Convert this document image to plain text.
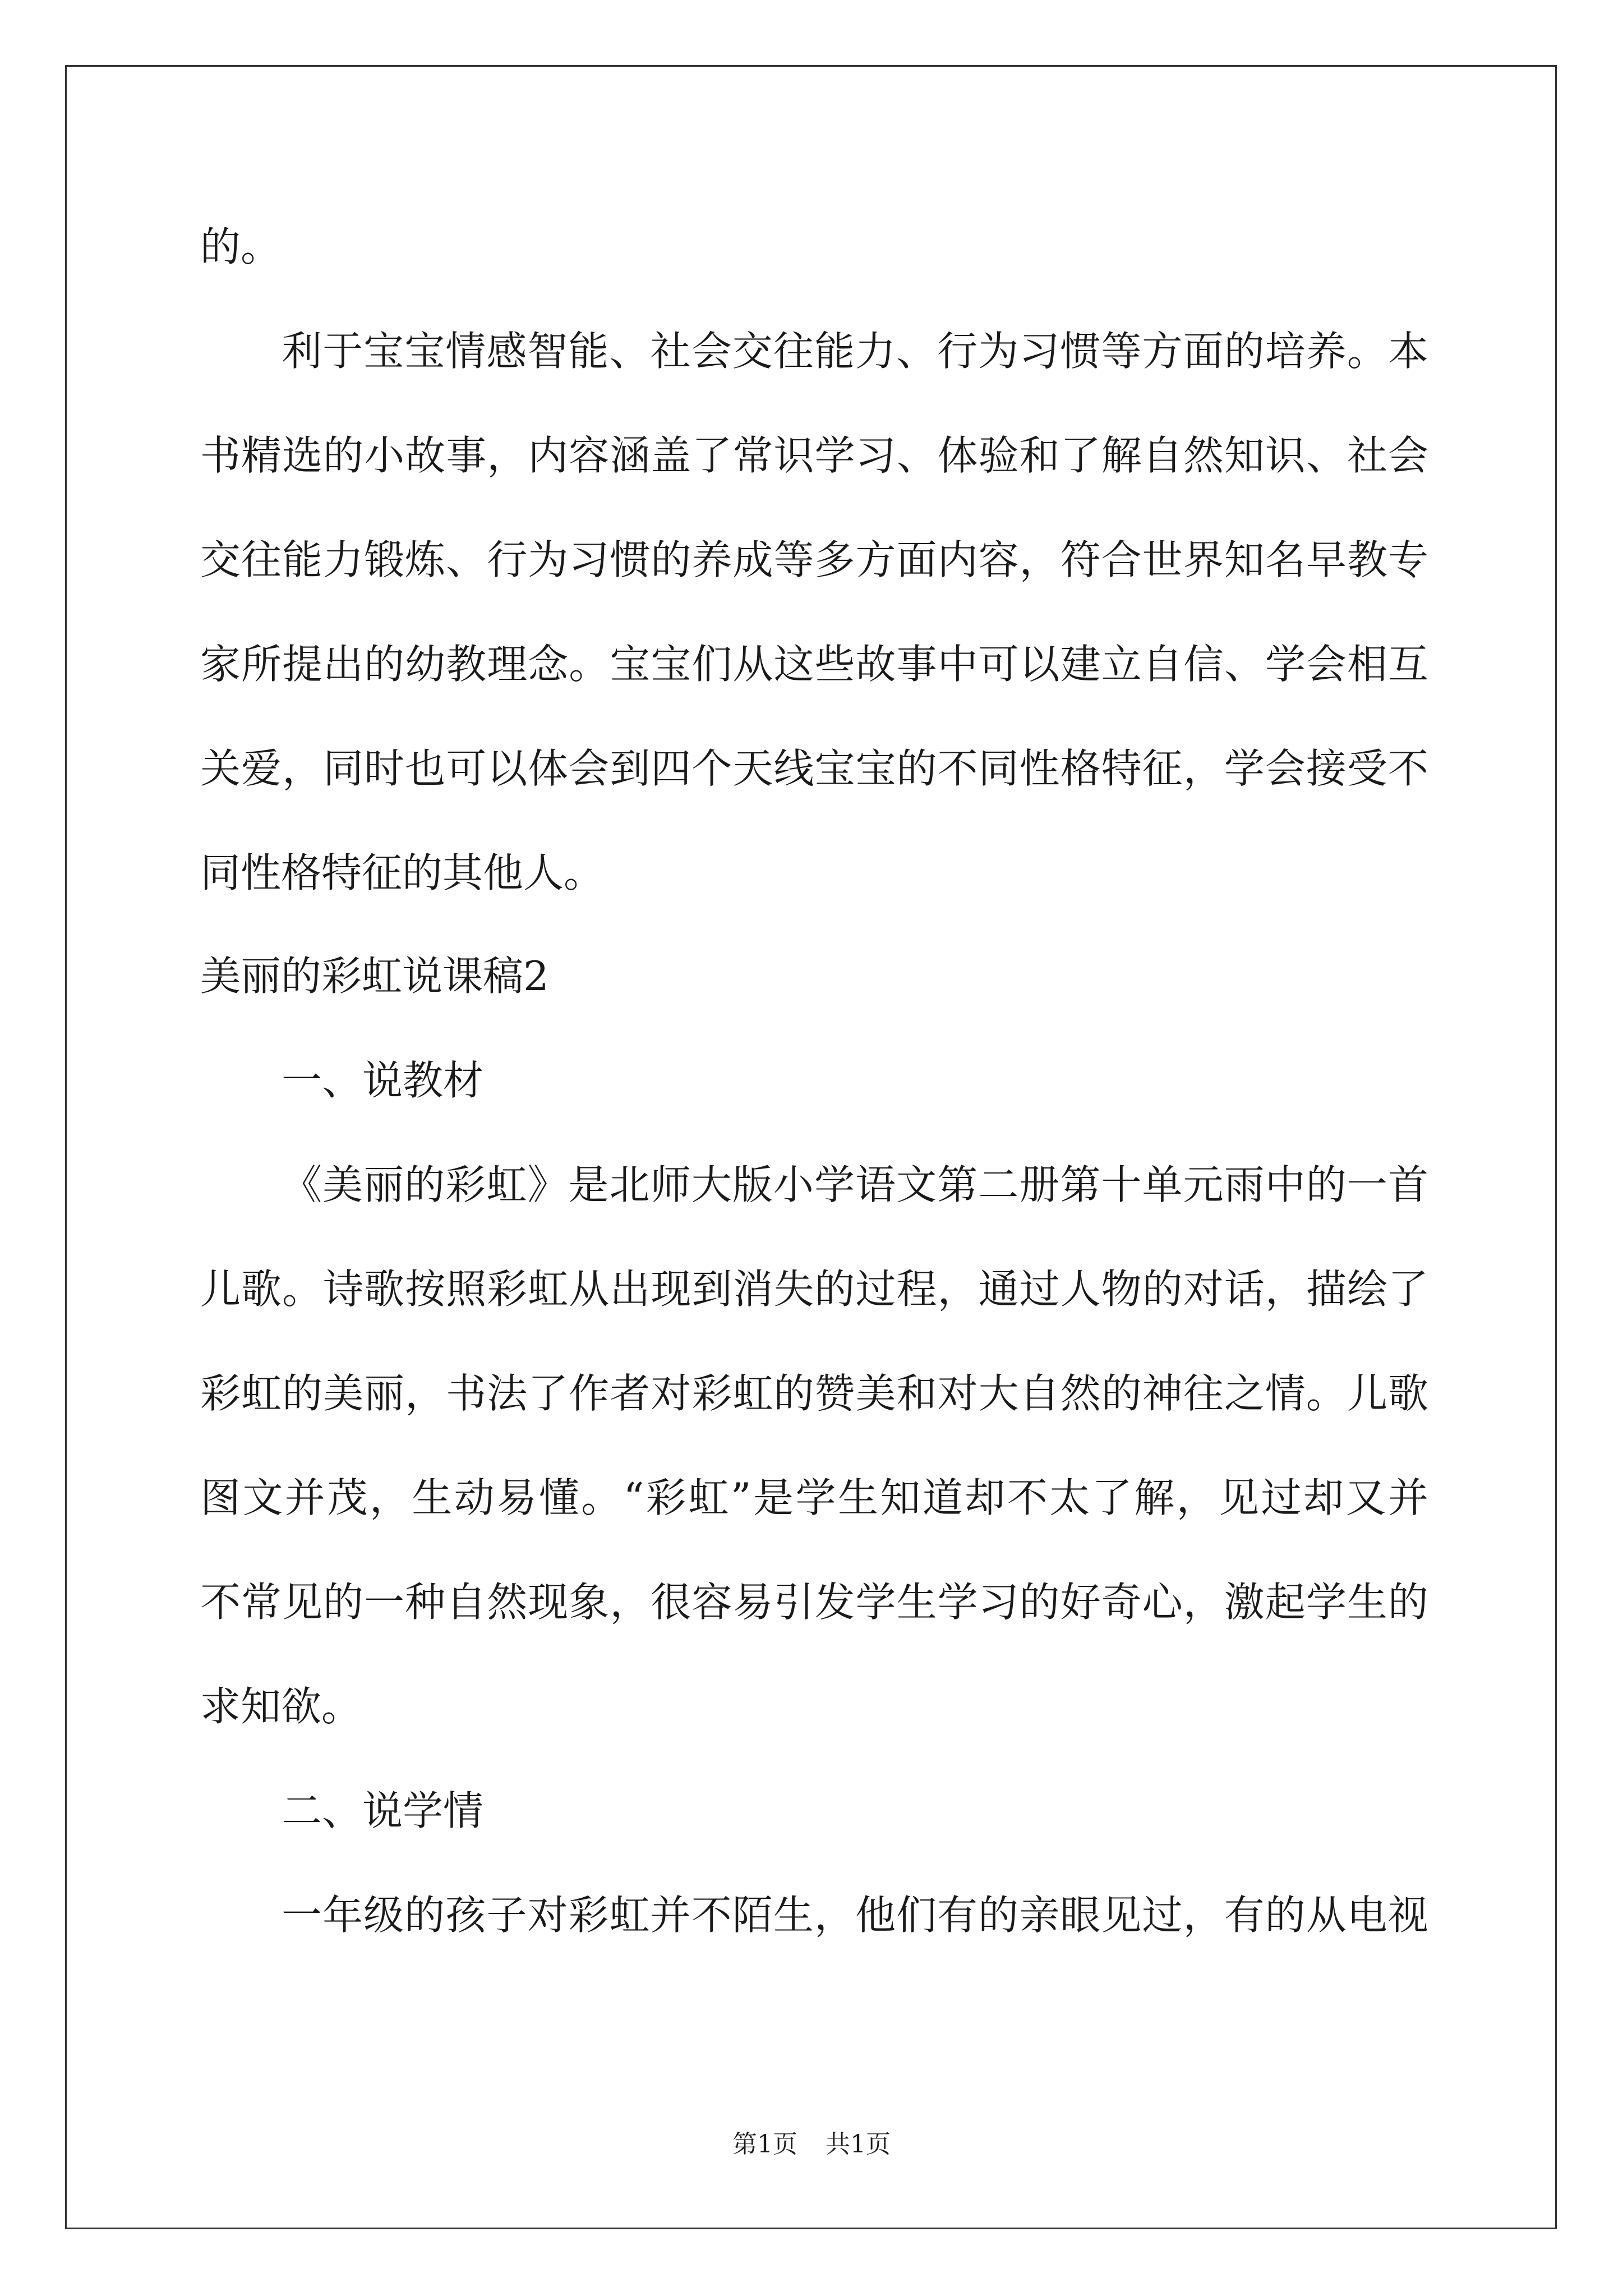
的。
利于宝宝情感智能、社会交往能力、行为习惯等方面的培养。本
书精选的小故事，内容涵盖了常识学习、体验和了解自然知识、社会
交往能力锻炼、行为习惯的养成等多方面内容，符合世界知名早教专
家所提出的幼教理念。宝宝们从这些故事中可以建立自信、学会相互
关爱，同时也可以体会到四个天线宝宝的不同性格特征，学会接受不
同性格特征的其他人。
美丽的彩虹说课稿2
一、说教材
《美丽的彩虹》是北师大版小学语文第二册第十单元雨中的一首
儿歌。诗歌按照彩虹从出现到消失的过程，通过人物的对话，描绘了
彩虹的美丽，书法了作者对彩虹的赞美和对大自然的神往之情。儿歌
图文并茂，生动易懂。“彩虹”是学生知道却不太了解，见过却又并
不常见的一种自然现象，很容易引发学生学习的好奇心，激起学生的
求知欲。
二、说学情
一年级的孩子对彩虹并不陌生，他们有的亲眼见过，有的从电视
第1页 共1页
